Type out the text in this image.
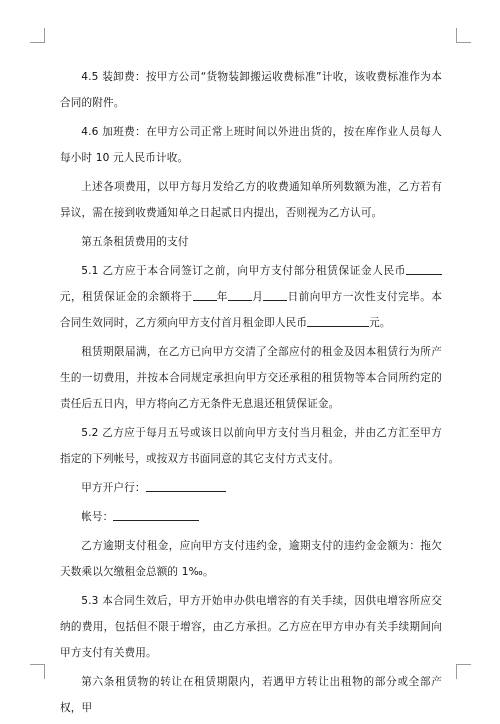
4.5 装卸费：按甲方公司“货物装卸搬运收费标准”计收，该收费标准作为本合同的附件。

4.6 加班费：在甲方公司正常上班时间以外进出货的，按在库作业人员每人每小时 10 元人民币计收。

上述各项费用，以甲方每月发给乙方的收费通知单所列数额为准，乙方若有异议，需在接到收费通知单之日起贰日内提出，否则视为乙方认可。

第五条租赁费用的支付

5.1 乙方应于本合同签订之前，向甲方支付部分租赁保证金人民币元，租赁保证金的余额将于 年 月 日前向甲方一次性支付完毕。本合同生效同时，乙方须向甲方支付首月租金即人民币	元。

租赁期限届满，在乙方已向甲方交清了全部应付的租金及因本租赁行为所产生的一切费用，并按本合同规定承担向甲方交还承租的租赁物等本合同所约定的责任后五日内，甲方将向乙方无条件无息退还租赁保证金。

5.2 乙方应于每月五号或该日以前向甲方支付当月租金，并由乙方汇至甲方指定的下列帐号，或按双方书面同意的其它支付方式支付。

甲方开户行：

帐号：

乙方逾期支付租金，应向甲方支付违约金，逾期支付的违约金金额为：拖欠天数乘以欠缴租金总额的 1‰。

5.3 本合同生效后，甲方开始申办供电增容的有关手续，因供电增容所应交纳的费用，包括但不限于增容，由乙方承担。乙方应在甲方申办有关手续期间向甲方支付有关费用。

第六条租赁物的转让在租赁期限内，若遇甲方转让出租物的部分或全部产权，甲
